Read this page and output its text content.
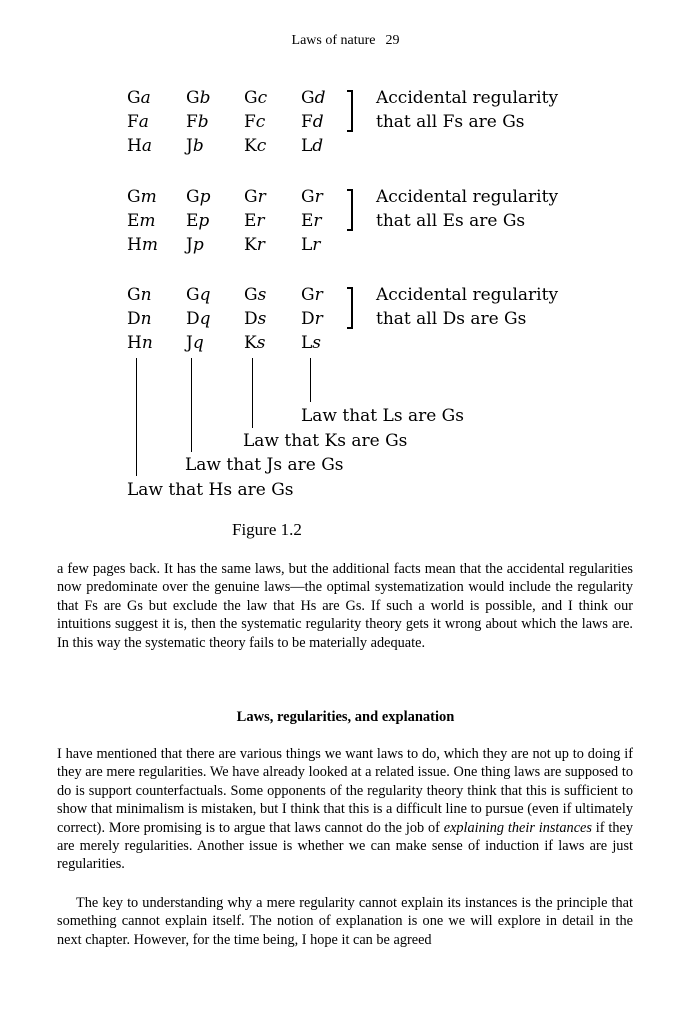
Laws of nature 29
Law that Ls are Gs
Law that Ks are Gs
Law that Js are Gs
Law that Hs are Gs
Ga Gb Gc Gd
Fa Fb Fc Fd
Ha Jb Kc Ld
Accidental regularity
that all Fs are Gs
Gm Gp Gr Gr
Em Ep Er Er
Hm Jp Kr Lr
Accidental regularity
that all Es are Gs
Gn Gq Gs Gr
Dn Dq Ds Dr
Hn Jq Ks Ls
Accidental regularity
that all Ds are Gs
Figure 1.2

a few pages back. It has the same laws, but the additional facts mean that the accidental regularities now predominate over the genuine laws—the optimal systematization would include the regularity that Fs are Gs but exclude the law that Hs are Gs. If such a world is possible, and I think our intuitions suggest it is, then the systematic regularity theory gets it wrong about which the laws are. In this way the systematic theory fails to be materially adequate.

Laws, regularities, and explanation

I have mentioned that there are various things we want laws to do, which they are not up to doing if they are mere regularities. We have already looked at a related issue. One thing laws are supposed to do is support counterfactuals. Some opponents of the regularity theory think that this is sufficient to show that minimalism is mistaken, but I think that this is a difficult line to pursue (even if ultimately correct). More promising is to argue that laws cannot do the job of explaining their instances if they are merely regularities. Another issue is whether we can make sense of induction if laws are just regularities.

The key to understanding why a mere regularity cannot explain its instances is the principle that something cannot explain itself. The notion of explanation is one we will explore in detail in the next chapter. However, for the time being, I hope it can be agreed
